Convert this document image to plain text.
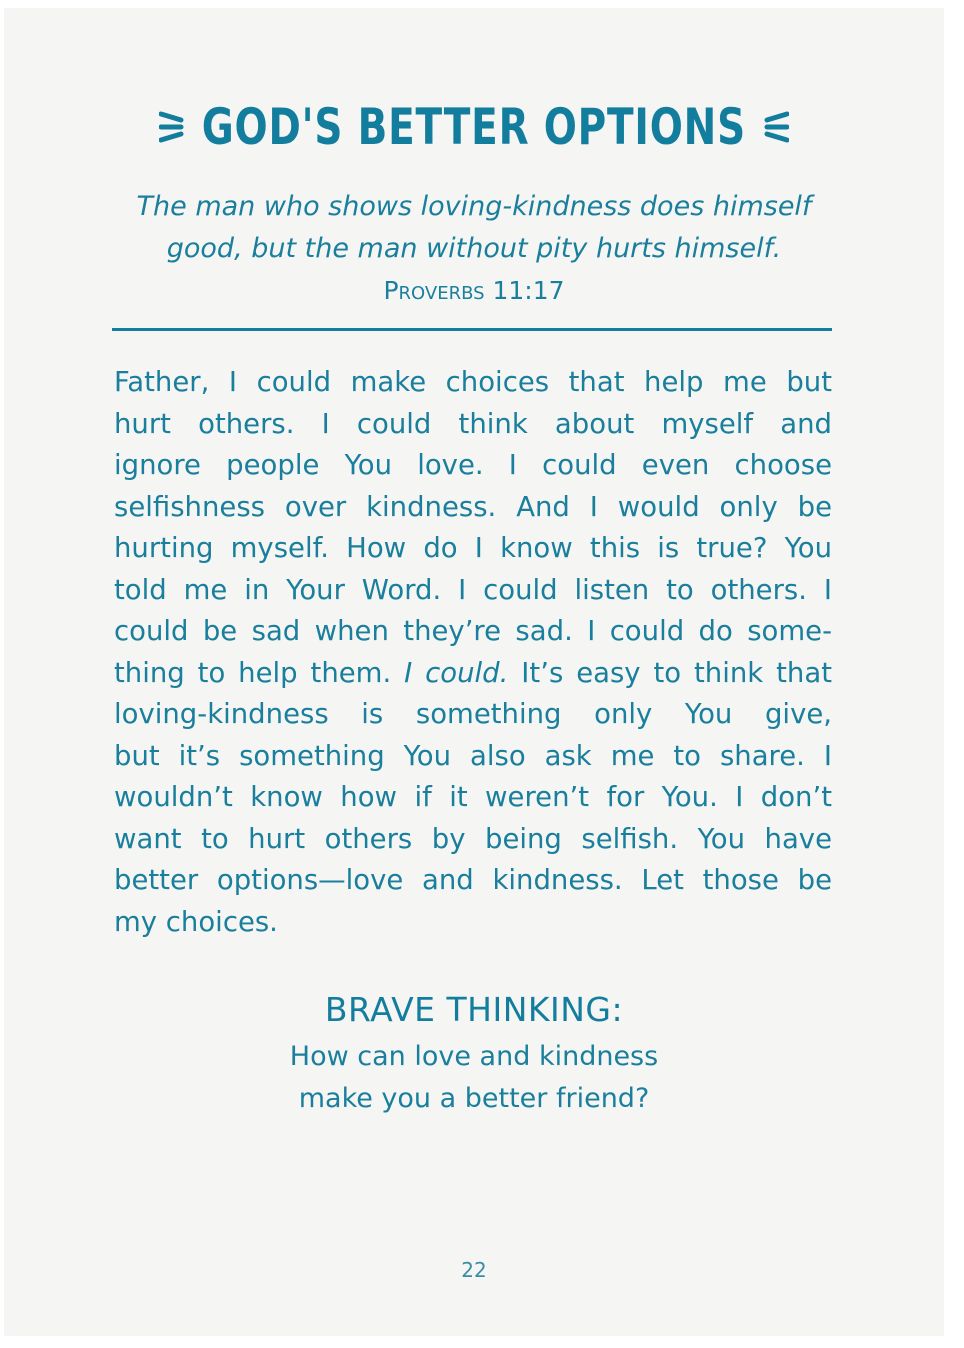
GOD'S BETTER OPTIONS
The man who shows loving-kindness does himself
good, but the man without pity hurts himself.
Proverbs 11:17
Father, I could make choices that help me but
hurt others. I could think about myself and
ignore people You love. I could even choose
selfishness over kindness. And I would only be
hurting myself. How do I know this is true? You
told me in Your Word. I could listen to others. I
could be sad when they’re sad. I could do some-
thing to help them. I could. It’s easy to think that
loving-kindness is something only You give,
but it’s something You also ask me to share. I
wouldn’t know how if it weren’t for You. I don’t
want to hurt others by being selfish. You have
better options—love and kindness. Let those be
my choices.
BRAVE THINKING:
How can love and kindness
make you a better friend?
22
